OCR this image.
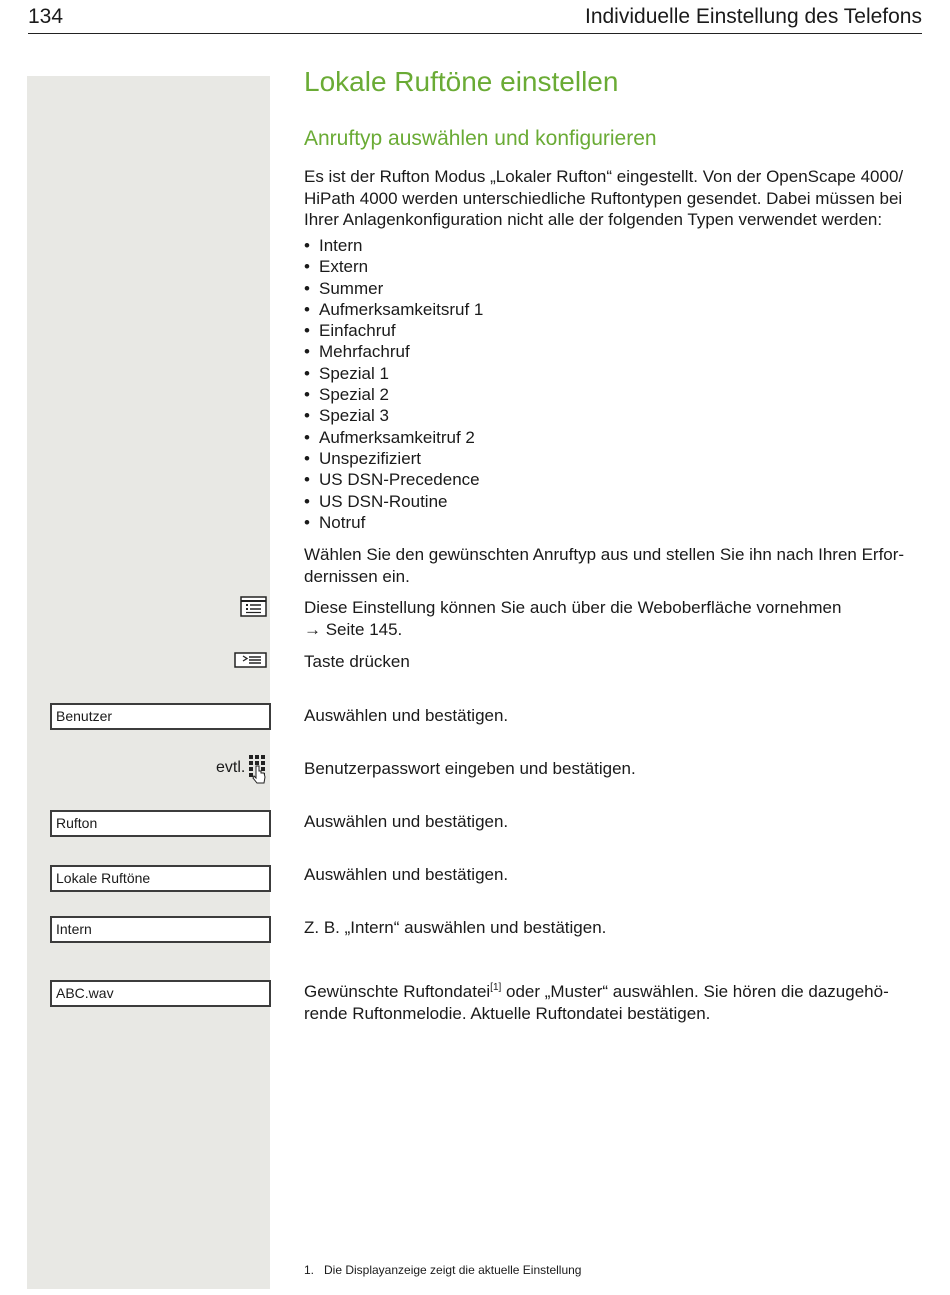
134	Individuelle Einstellung des Telefons
Lokale Ruftöne einstellen
Anruftyp auswählen und konfigurieren
Es ist der Rufton Modus „Lokaler Rufton“ eingestellt. Von der OpenScape 4000/ HiPath 4000 werden unterschiedliche Ruftontypen gesendet. Dabei müssen bei Ihrer Anlagenkonfiguration nicht alle der folgenden Typen verwendet werden:
• Intern
• Extern
• Summer
• Aufmerksamkeitsruf 1
• Einfachruf
• Mehrfachruf
• Spezial 1
• Spezial 2
• Spezial 3
• Aufmerksamkeitruf 2
• Unspezifiziert
• US DSN-Precedence
• US DSN-Routine
• Notruf
Wählen Sie den gewünschten Anruftyp aus und stellen Sie ihn nach Ihren Erfor-dernissen ein.
Diese Einstellung können Sie auch über die Weboberfläche vornehmen
→ Seite 145.
Taste drücken
Benutzer	Auswählen und bestätigen.
evtl.	Benutzerpasswort eingeben und bestätigen.
Rufton	Auswählen und bestätigen.
Lokale Ruftöne	Auswählen und bestätigen.
Intern	Z. B. „Intern“ auswählen und bestätigen.
ABC.wav	Gewünschte Ruftondatei[1] oder „Muster“ auswählen. Sie hören die dazugehö-rende Ruftonmelodie. Aktuelle Ruftondatei bestätigen.
1. Die Displayanzeige zeigt die aktuelle Einstellung
